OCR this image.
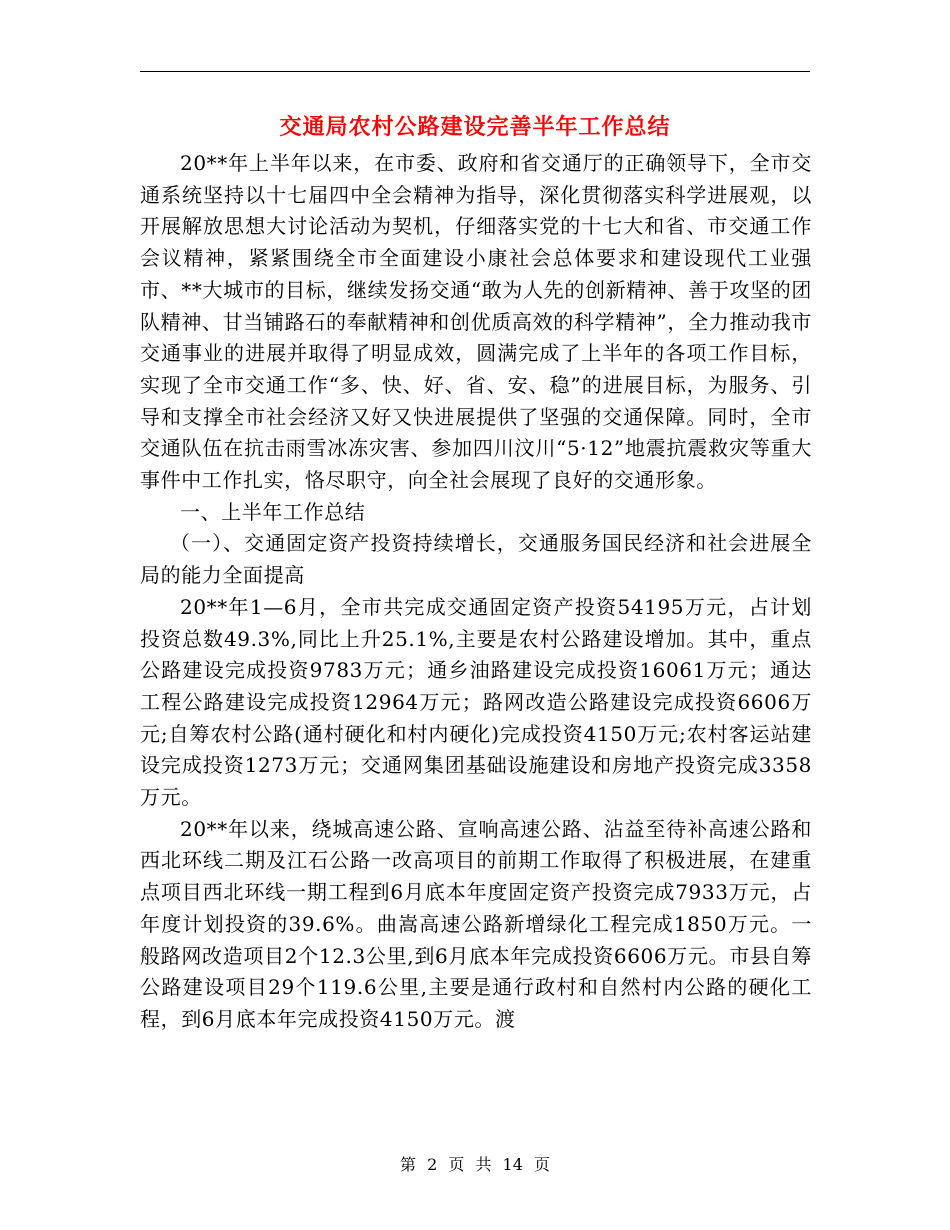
交通局农村公路建设完善半年工作总结

20**年上半年以来，在市委、政府和省交通厅的正确领导下，全市交通系统坚持以十七届四中全会精神为指导，深化贯彻落实科学进展观，以开展解放思想大讨论活动为契机，仔细落实党的十七大和省、市交通工作会议精神，紧紧围绕全市全面建设小康社会总体要求和建设现代工业强市、**大城市的目标，继续发扬交通“敢为人先的创新精神、善于攻坚的团队精神、甘当铺路石的奉献精神和创优质高效的科学精神”，全力推动我市交通事业的进展并取得了明显成效，圆满完成了上半年的各项工作目标，实现了全市交通工作“多、快、好、省、安、稳”的进展目标，为服务、引导和支撑全市社会经济又好又快进展提供了坚强的交通保障。同时，全市交通队伍在抗击雨雪冰冻灾害、参加四川汶川“5·12”地震抗震救灾等重大事件中工作扎实，恪尽职守，向全社会展现了良好的交通形象。

一、上半年工作总结

（一）、交通固定资产投资持续增长，交通服务国民经济和社会进展全局的能力全面提高

20**年1—6月，全市共完成交通固定资产投资54195万元，占计划投资总数49.3%,同比上升25.1%,主要是农村公路建设增加。其中，重点公路建设完成投资9783万元；通乡油路建设完成投资16061万元；通达工程公路建设完成投资12964万元；路网改造公路建设完成投资6606万元;自筹农村公路(通村硬化和村内硬化)完成投资4150万元;农村客运站建设完成投资1273万元；交通网集团基础设施建设和房地产投资完成3358万元。

20**年以来，绕城高速公路、宣响高速公路、沾益至待补高速公路和西北环线二期及江石公路一改高项目的前期工作取得了积极进展，在建重点项目西北环线一期工程到6月底本年度固定资产投资完成7933万元，占年度计划投资的39.6%。曲嵩高速公路新增绿化工程完成1850万元。一般路网改造项目2个12.3公里,到6月底本年完成投资6606万元。市县自筹公路建设项目29个119.6公里,主要是通行政村和自然村内公路的硬化工程，到6月底本年完成投资4150万元。渡

第 2 页 共 14 页
